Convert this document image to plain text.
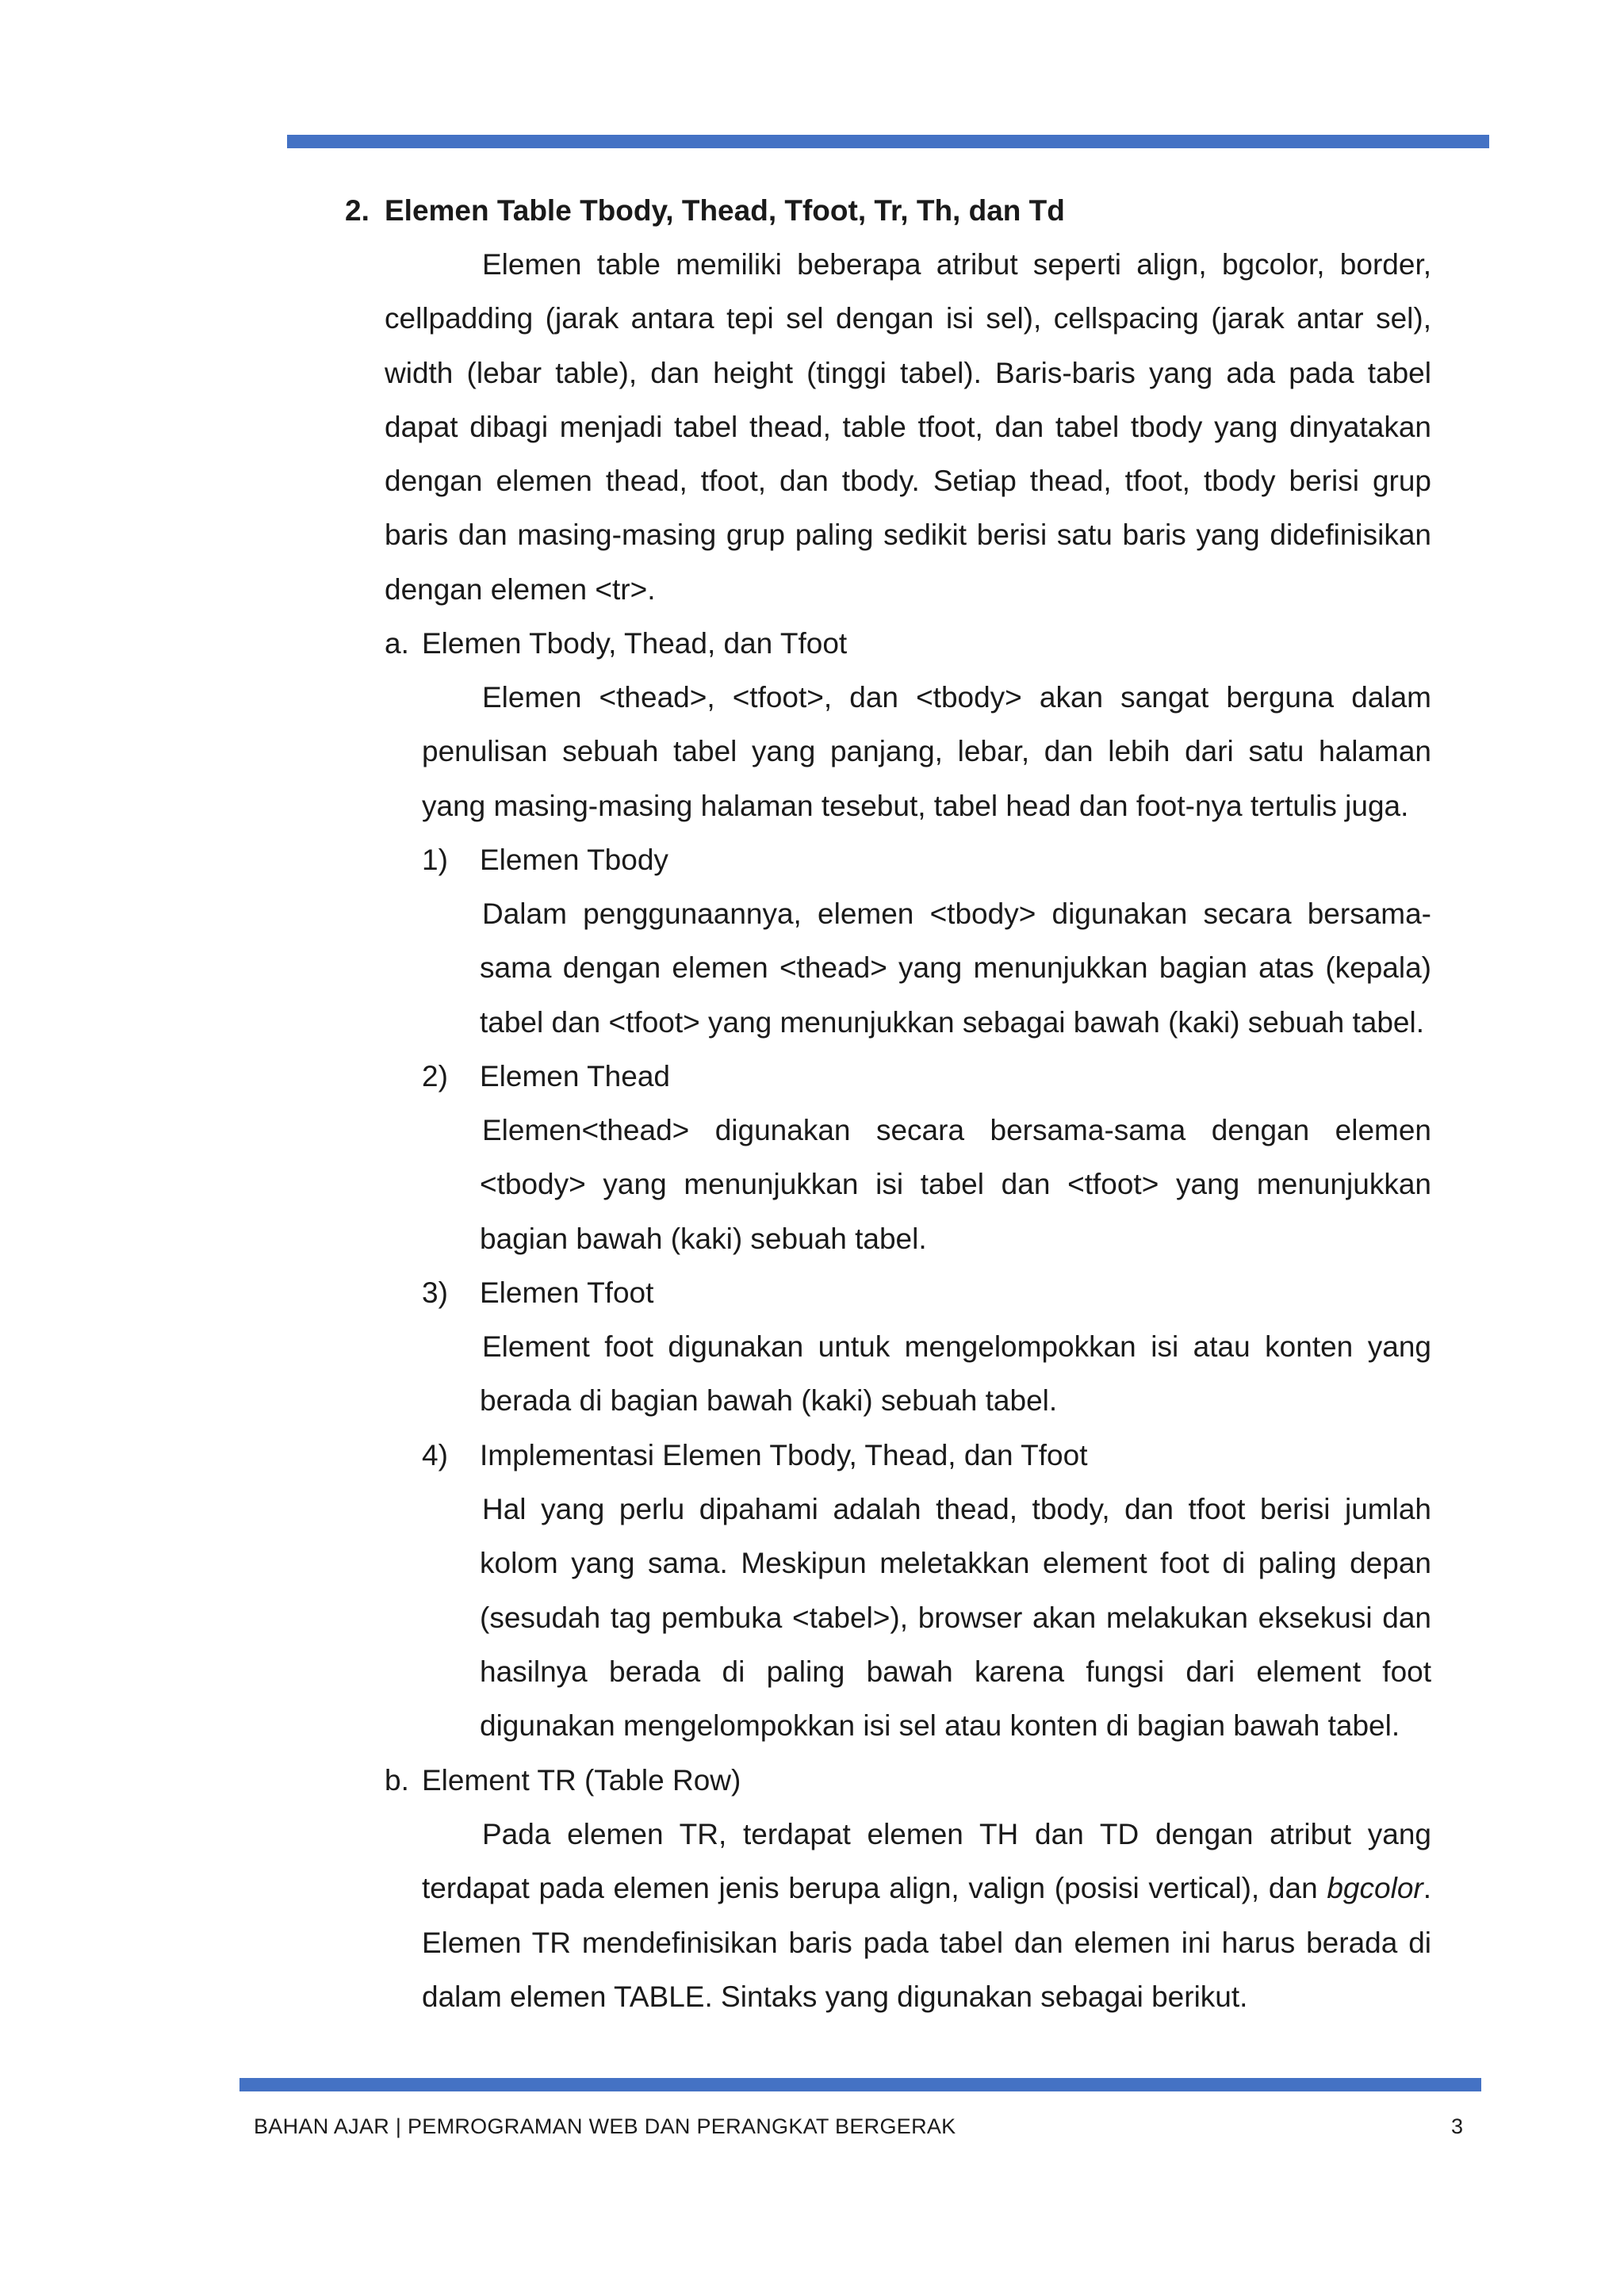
2. Elemen Table Tbody, Thead, Tfoot, Tr, Th, dan Td
Elemen table memiliki beberapa atribut seperti align, bgcolor, border, cellpadding (jarak antara tepi sel dengan isi sel), cellspacing (jarak antar sel), width (lebar table), dan height (tinggi tabel). Baris-baris yang ada pada tabel dapat dibagi menjadi tabel thead, table tfoot, dan tabel tbody yang dinyatakan dengan elemen thead, tfoot, dan tbody. Setiap thead, tfoot, tbody berisi grup baris dan masing-masing grup paling sedikit berisi satu baris yang didefinisikan dengan elemen <tr>.
a. Elemen Tbody, Thead, dan Tfoot
Elemen <thead>, <tfoot>, dan <tbody> akan sangat berguna dalam penulisan sebuah tabel yang panjang, lebar, dan lebih dari satu halaman yang masing-masing halaman tesebut, tabel head dan foot-nya tertulis juga.
1) Elemen Tbody
Dalam penggunaannya, elemen <tbody> digunakan secara bersama-sama dengan elemen <thead> yang menunjukkan bagian atas (kepala) tabel dan <tfoot> yang menunjukkan sebagai bawah (kaki) sebuah tabel.
2) Elemen Thead
Elemen<thead> digunakan secara bersama-sama dengan elemen <tbody> yang menunjukkan isi tabel dan <tfoot> yang menunjukkan bagian bawah (kaki) sebuah tabel.
3) Elemen Tfoot
Element foot digunakan untuk mengelompokkan isi atau konten yang berada di bagian bawah (kaki) sebuah tabel.
4) Implementasi Elemen Tbody, Thead, dan Tfoot
Hal yang perlu dipahami adalah thead, tbody, dan tfoot berisi jumlah kolom yang sama. Meskipun meletakkan element foot di paling depan (sesudah tag pembuka <tabel>), browser akan melakukan eksekusi dan hasilnya berada di paling bawah karena fungsi dari element foot digunakan mengelompokkan isi sel atau konten di bagian bawah tabel.
b. Element TR (Table Row)
Pada elemen TR, terdapat elemen TH dan TD dengan atribut yang terdapat pada elemen jenis berupa align, valign (posisi vertical), dan bgcolor. Elemen TR mendefinisikan baris pada tabel dan elemen ini harus berada di dalam elemen TABLE. Sintaks yang digunakan sebagai berikut.
BAHAN AJAR | PEMROGRAMAN WEB DAN PERANGKAT BERGERAK	3
